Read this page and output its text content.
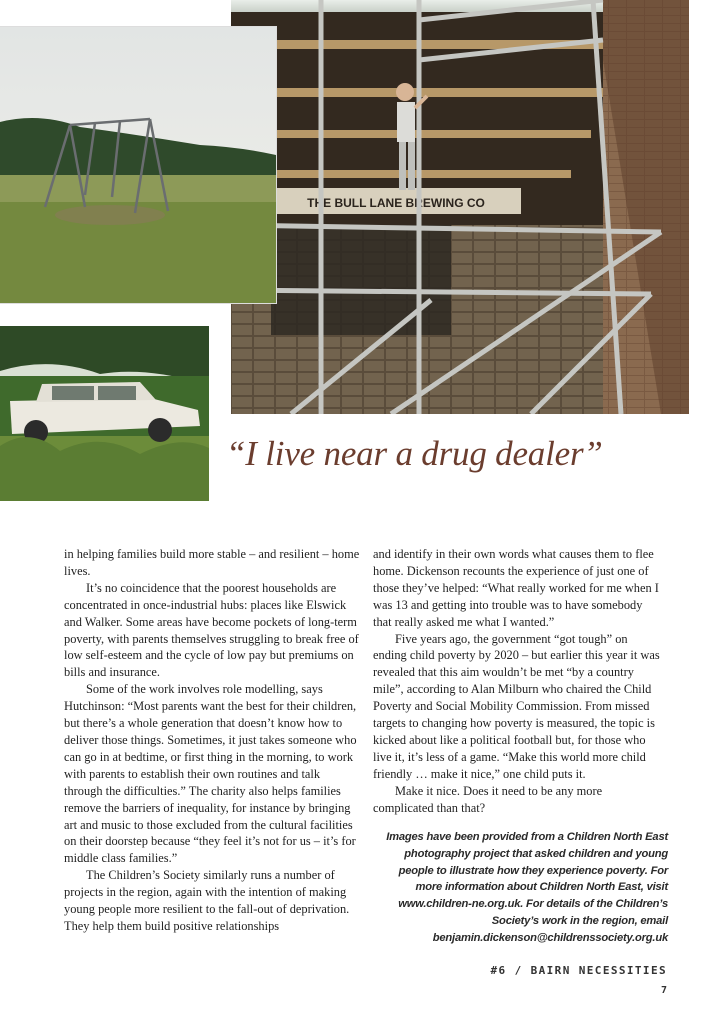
THE BULL LANE BREWING CO
“I live near a drug dealer”

in helping families build more stable – and resilient – home lives.

It’s no coincidence that the poorest households are concentrated in once-industrial hubs: places like Elswick and Walker. Some areas have become pockets of long-term poverty, with parents themselves struggling to break free of low self-esteem and the cycle of low pay but premiums on bills and insurance.

Some of the work involves role modelling, says Hutchinson: “Most parents want the best for their children, but there’s a whole generation that doesn’t know how to deliver those things. Sometimes, it just takes someone who can go in at bedtime, or first thing in the morning, to work with parents to establish their own routines and talk through the difficulties.” The charity also helps families remove the barriers of inequality, for instance by bringing art and music to those excluded from the cultural facilities on their doorstep because “they feel it’s not for us – it’s for middle class families.”

The Children’s Society similarly runs a number of projects in the region, again with the intention of making young people more resilient to the fall-out of deprivation. They help them build positive relationships

and identify in their own words what causes them to flee home. Dickenson recounts the experience of just one of those they’ve helped: “What really worked for me when I was 13 and getting into trouble was to have somebody that really asked me what I wanted.”

Five years ago, the government “got tough” on ending child poverty by 2020 – but earlier this year it was revealed that this aim wouldn’t be met “by a country mile”, according to Alan Milburn who chaired the Child Poverty and Social Mobility Commission. From missed targets to changing how poverty is measured, the topic is kicked about like a political football but, for those who live it, it’s less of a game. “Make this world more child friendly … make it nice,” one child puts it.

Make it nice. Does it need to be any more complicated than that?

Images have been provided from a Children North East photography project that asked children and young people to illustrate how they experience poverty. For more information about Children North East, visit www.children-ne.org.uk. For details of the Children’s Society’s work in the region, email benjamin.dickenson@childrenssociety.org.uk
#6 / BAIRN NECESSITIES
7
